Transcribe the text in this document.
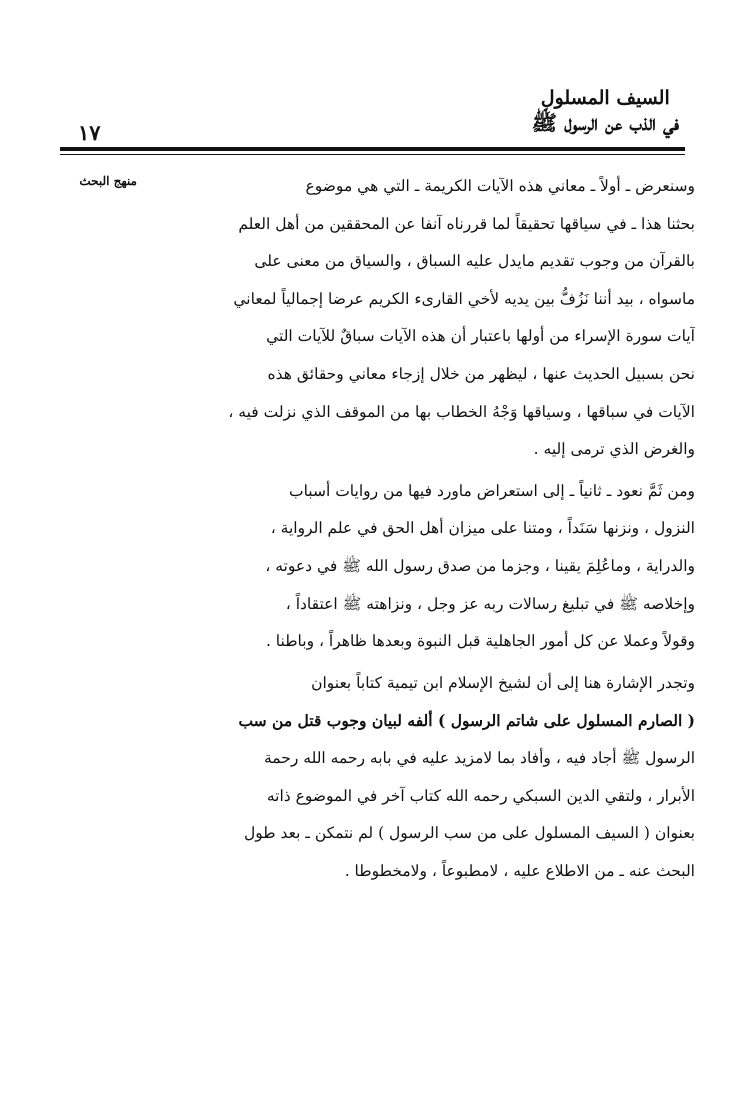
١٧
السيف المسلول
في الذب عن الرسول ﷺ
منهج البحث	وسنعرض ـ أولاً ـ معاني هذه الآيات الكريمة ـ التي هي موضوع
بحثنا هذا ـ في سياقها تحقيقاً لما قررناه آنفا عن المحققين من أهل العلم
بالقرآن من وجوب تقديم مايدل عليه السباق ، والسياق من معنى على
ماسواه ، بيد أننا نَزُفُّ بين يديه لأخي القارىء الكريم عرضا إجمالياً لمعاني
آيات سورة الإسراء من أولها باعتبار أن هذه الآيات سباقٌ للآيات التي
نحن بسبيل الحديث عنها ، ليظهر من خلال إزجاء معاني وحقائق هذه
الآيات في سباقها ، وسياقها وَجْهُ الخطاب بها من الموقف الذي نزلت فيه ،
والغرض الذي ترمى إليه .
ومن ثَمَّ نعود ـ ثانياً ـ إلى استعراض ماورد فيها من روايات أسباب
النزول ، ونزنها سَنَداً ، ومتنا على ميزان أهل الحق في علم الرواية ،
والدراية ، وماعُلِمَ يقينا ، وجزما من صدق رسول الله ﷺ في دعوته ،
وإخلاصه ﷺ في تبليغ رسالات ربه عز وجل ، ونزاهته ﷺ اعتقاداً ،
وقولاً وعملا عن كل أمور الجاهلية قبل النبوة وبعدها ظاهراً ، وباطنا .
وتجدر الإشارة هنا إلى أن لشيخ الإسلام ابن تيمية كتاباً بعنوان
( الصارم المسلول على شاتم الرسول ) ألفه لبيان وجوب قتل من سب
الرسول ﷺ أجاد فيه ، وأفاد بما لامزيد عليه في بابه رحمه الله رحمة
الأبرار ، ولتقي الدين السبكي رحمه الله كتاب آخر في الموضوع ذاته
بعنوان ( السيف المسلول على من سب الرسول ) لم نتمكن ـ بعد طول
البحث عنه ـ من الاطلاع عليه ، لامطبوعاً ، ولامخطوطا .
